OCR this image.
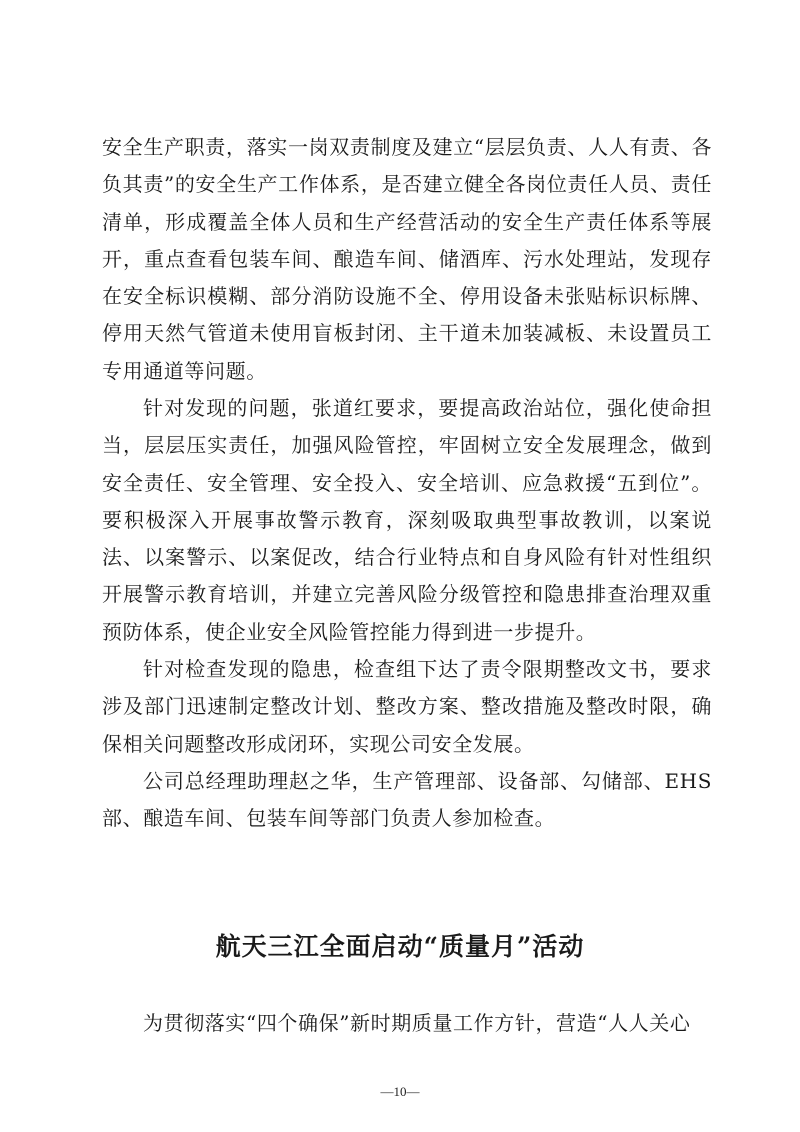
安全生产职责，落实一岗双责制度及建立“层层负责、人人有责、各负其责”的安全生产工作体系，是否建立健全各岗位责任人员、责任清单，形成覆盖全体人员和生产经营活动的安全生产责任体系等展开，重点查看包装车间、酿造车间、储酒库、污水处理站，发现存在安全标识模糊、部分消防设施不全、停用设备未张贴标识标牌、停用天然气管道未使用盲板封闭、主干道未加装减板、未设置员工专用通道等问题。

针对发现的问题，张道红要求，要提高政治站位，强化使命担当，层层压实责任，加强风险管控，牢固树立安全发展理念，做到安全责任、安全管理、安全投入、安全培训、应急救援“五到位”。要积极深入开展事故警示教育，深刻吸取典型事故教训，以案说法、以案警示、以案促改，结合行业特点和自身风险有针对性组织开展警示教育培训，并建立完善风险分级管控和隐患排查治理双重预防体系，使企业安全风险管控能力得到进一步提升。

针对检查发现的隐患，检查组下达了责令限期整改文书，要求涉及部门迅速制定整改计划、整改方案、整改措施及整改时限，确保相关问题整改形成闭环，实现公司安全发展。

公司总经理助理赵之华，生产管理部、设备部、勾储部、EHS 部、酿造车间、包装车间等部门负责人参加检查。

航天三江全面启动“质量月”活动

为贯彻落实“四个确保”新时期质量工作方针，营造“人人关心

—10—
